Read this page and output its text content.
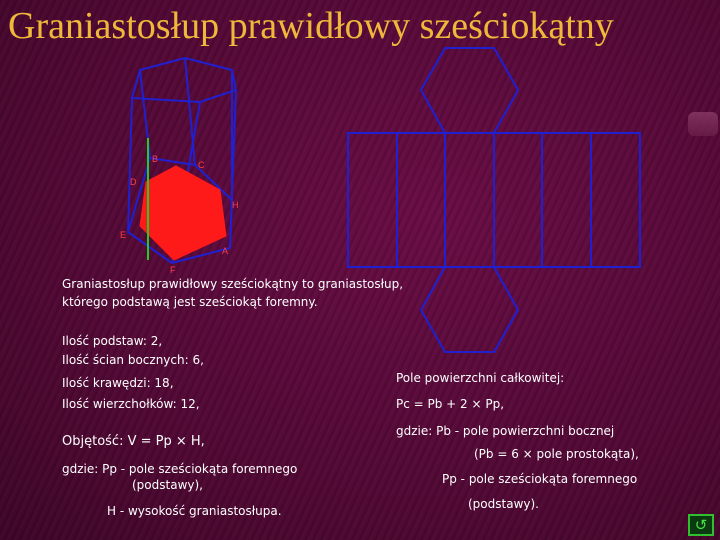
Graniastosłup prawidłowy sześciokątny
B
C
D
H
E
A
F
Graniastosłup prawidłowy sześciokątny to graniastosłup,
którego podstawą jest sześciokąt foremny.
Ilość podstaw: 2,
Ilość ścian bocznych: 6,
Ilość krawędzi: 18,
Ilość wierzchołków: 12,
Objętość: V = Pp × H,
gdzie: Pp - pole sześciokąta foremnego
(podstawy),
H - wysokość graniastosłupa.
Pole powierzchni całkowitej:
Pc = Pb + 2 × Pp,
gdzie: Pb - pole powierzchni bocznej
(Pb = 6 × pole prostokąta),
Pp - pole sześciokąta foremnego
(podstawy).
↺
